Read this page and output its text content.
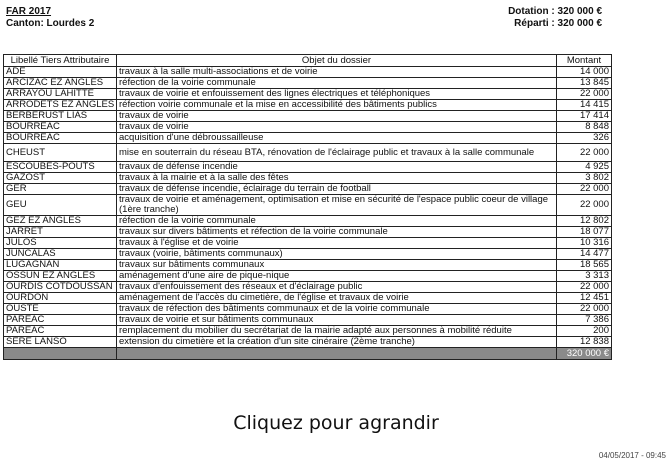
FAR 2017
Canton: Lourdes 2
Dotation : 320 000 €
Réparti : 320 000 €
Libellé Tiers Attributaire	Objet du dossier	Montant
ADE	travaux à la salle multi-associations et de voirie	14 000
ARCIZAC EZ ANGLES	réfection de la voirie communale	13 845
ARRAYOU LAHITTE	travaux de voirie et enfouissement des lignes électriques et téléphoniques	22 000
ARRODETS EZ ANGLES	réfection voirie communale et la mise en accessibilité des bâtiments publics	14 415
BERBERUST LIAS	travaux de voirie	17 414
BOURREAC	travaux de voirie	8 848
BOURREAC	acquisition d'une débroussailleuse	326
CHEUST	mise en souterrain du réseau BTA, rénovation de l'éclairage public et travaux à la salle communale	22 000
ESCOUBES-POUTS	travaux de défense incendie	4 925
GAZOST	travaux à la mairie et à la salle des fêtes	3 802
GER	travaux de défense incendie, éclairage du terrain de football	22 000
GEU	travaux de voirie et aménagement, optimisation et mise en sécurité de l'espace public coeur de village (1ère tranche)	22 000
GEZ EZ ANGLES	réfection de la voirie communale	12 802
JARRET	travaux sur divers bâtiments et réfection de la voirie communale	18 077
JULOS	travaux à l'église et de voirie	10 316
JUNCALAS	travaux (voirie, bâtiments communaux)	14 477
LUGAGNAN	travaux sur bâtiments communaux	18 565
OSSUN EZ ANGLES	aménagement d'une aire de pique-nique	3 313
OURDIS COTDOUSSAN	travaux d'enfouissement des réseaux et d'éclairage public	22 000
OURDON	aménagement de l'accès du cimetière, de l'église et travaux de voirie	12 451
OUSTE	travaux de réfection des bâtiments communaux et de la voirie communale	22 000
PAREAC	travaux de voirie et sur bâtiments communaux	7 386
PAREAC	remplacement du mobilier du secrétariat de la mairie adapté aux personnes à mobilité réduite	200
SERE LANSO	extension du cimetière et la création d'un site cinéraire (2ème tranche)	12 838
		320 000 €
Cliquez pour agrandir
04/05/2017 - 09:45
